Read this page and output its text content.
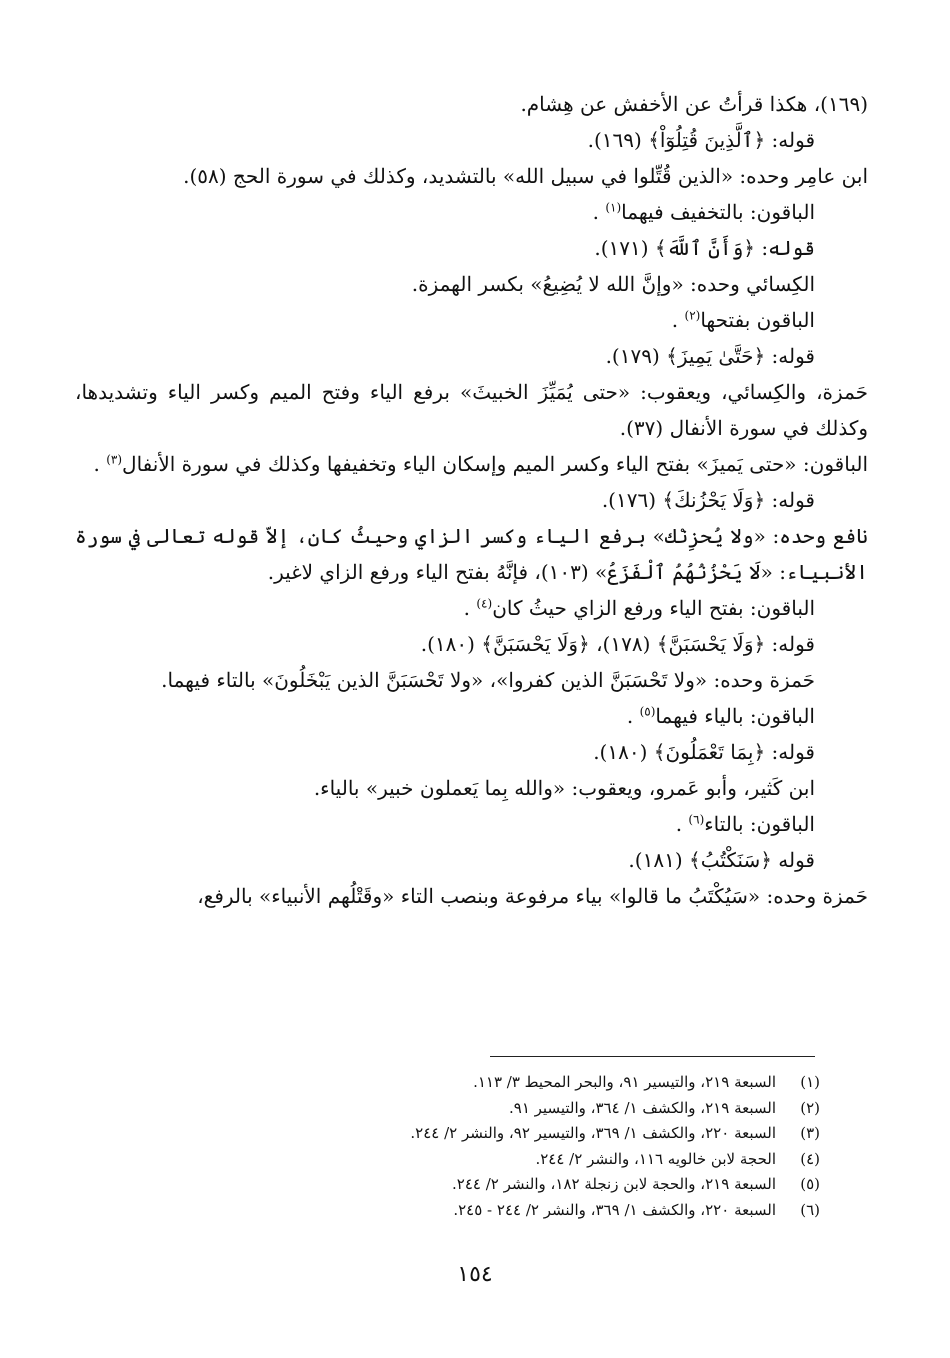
(١٦٩)، هكذا قرأتُ عن الأخفش عن هِشام.

قوله: ﴿ٱلَّذِينَ قُتِلُوٓاْ﴾ (١٦٩).

ابن عامِر وحده: «الذين قُتِّلوا في سبيل الله» بالتشديد، وكذلك في سورة الحج (٥٨).

الباقون: بالتخفيف فيهما$^{(١)}$ .

قوله: ﴿وَأَنَّ ٱللَّهَ﴾ (١٧١).

الكِسائي وحده: «وإنَّ الله لا يُضِيعُ» بكسر الهمزة.

الباقون بفتحها$^{(٢)}$ .

قوله: ﴿حَتَّىٰ يَمِيزَ﴾ (١٧٩).

حَمزة، والكِسائي، ويعقوب: «حتى يُمَيِّزَ الخبيثَ» برفع الياء وفتح الميم وكسر الياء وتشديدها، وكذلك في سورة الأنفال (٣٧).

الباقون: «حتى يَميزَ» بفتح الياء وكسر الميم وإسكان الياء وتخفيفها وكذلك في سورة الأنفال$^{(٣)}$ .

قوله: ﴿وَلَا يَحْزُنكَ﴾ (١٧٦).

نافع وحده: «ولا يُحزِنْك» برفع الياء وكسر الزاي وحيثُ كان، إلاّ قوله تعالى في سورة الأنبياء: «لَا يَحْزُنُهُمُ ٱلْفَزَعُ» (١٠٣)، فإنَّهُ بفتح الياء ورفع الزاي لاغير.

الباقون: بفتح الياء ورفع الزاي حيثُ كان$^{(٤)}$ .

قوله: ﴿وَلَا يَحْسَبَنَّ﴾ (١٧٨)، ﴿وَلَا يَحْسَبَنَّ﴾ (١٨٠).

حَمزة وحده: «ولا تَحْسَبَنَّ الذين كفروا»، «ولا تَحْسَبَنَّ الذين يَبْخَلُونَ» بالتاء فيهما.

الباقون: بالياء فيهما$^{(٥)}$ .

قوله: ﴿بِمَا تَعْمَلُونَ﴾ (١٨٠).

ابن كَثير، وأبو عَمرو، ويعقوب: «والله بِما يَعملون خبير» بالياء.

الباقون: بالتاء$^{(٦)}$ .

قوله ﴿سَنَكْتُبُ﴾ (١٨١).

حَمزة وحده: «سَيُكْتَبُ ما قالوا» بياء مرفوعة وبنصب التاء «وقَتْلُهم الأنبياء» بالرفع،

(١)
السبعة ٢١٩، والتيسير ٩١، والبحر المحيط ٣/ ١١٣.

(٢)
السبعة ٢١٩، والكشف ١/ ٣٦٤، والتيسير ٩١.

(٣)
السبعة ٢٢٠، والكشف ١/ ٣٦٩، والتيسير ٩٢، والنشر ٢/ ٢٤٤.

(٤)
الحجة لابن خالويه ١١٦، والنشر ٢/ ٢٤٤.

(٥)
السبعة ٢١٩، والحجة لابن زنجلة ١٨٢، والنشر ٢/ ٢٤٤.

(٦)
السبعة ٢٢٠، والكشف ١/ ٣٦٩، والنشر ٢/ ٢٤٤ - ٢٤٥.

١٥٤
